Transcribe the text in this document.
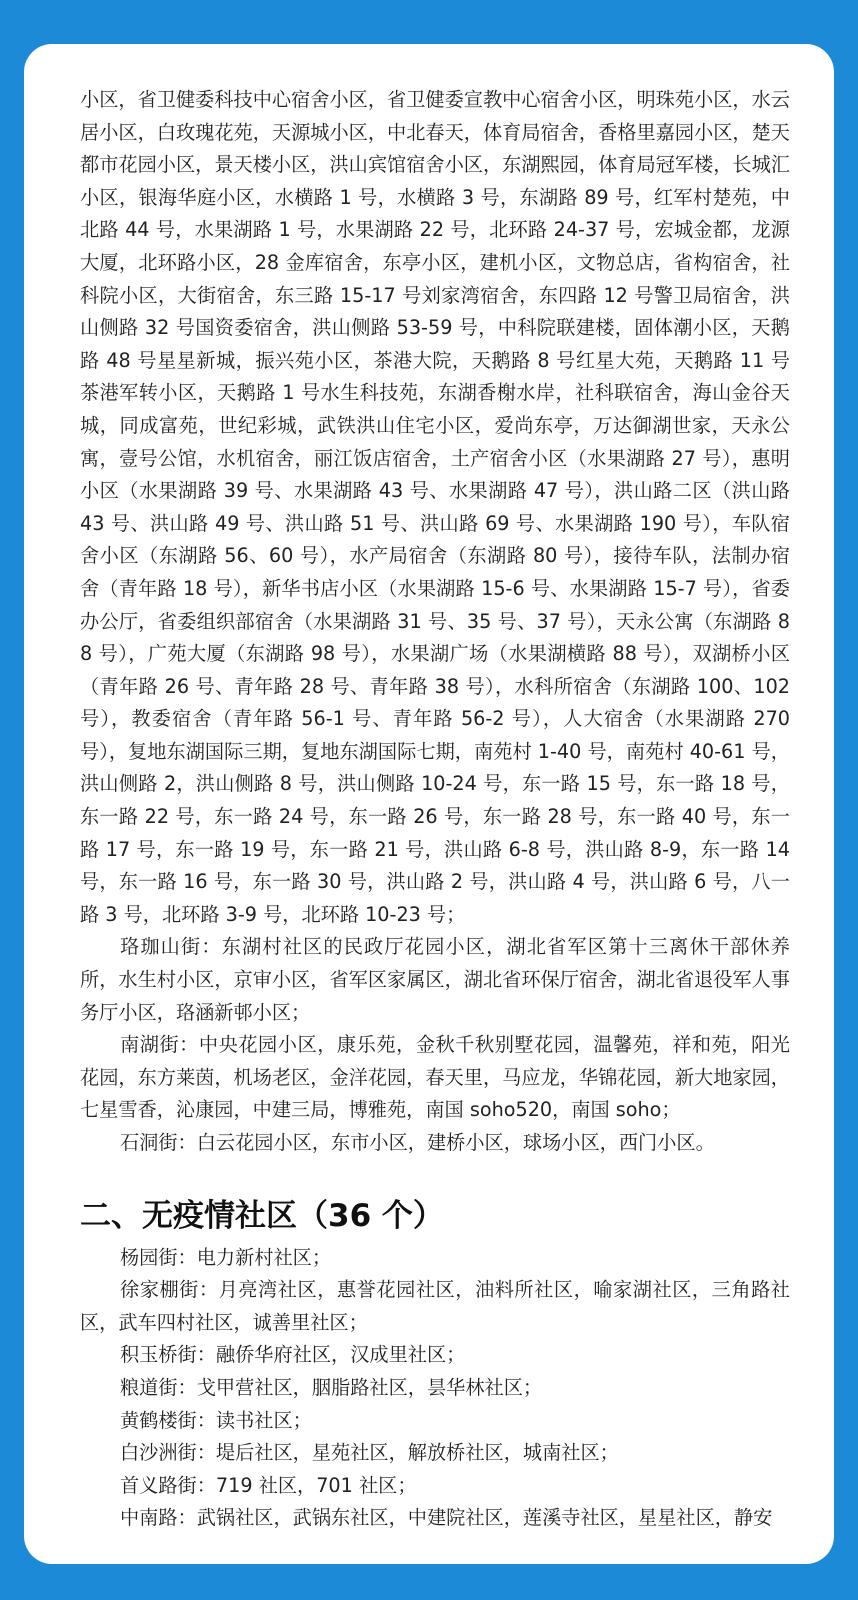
小区，省卫健委科技中心宿舍小区，省卫健委宣教中心宿舍小区，明珠苑小区，水云居小区，白玫瑰花苑，天源城小区，中北春天，体育局宿舍，香格里嘉园小区，楚天都市花园小区，景天楼小区，洪山宾馆宿舍小区，东湖熙园，体育局冠军楼，长城汇小区，银海华庭小区，水横路 1 号，水横路 3 号，东湖路 89 号，红军村楚苑，中北路 44 号，水果湖路 1 号，水果湖路 22 号，北环路 24-37 号，宏城金都，龙源大厦，北环路小区，28 金库宿舍，东亭小区，建机小区，文物总店，省构宿舍，社科院小区，大街宿舍，东三路 15-17 号刘家湾宿舍，东四路 12 号警卫局宿舍，洪山侧路 32 号国资委宿舍，洪山侧路 53-59 号，中科院联建楼，固体潮小区，天鹅路 48 号星星新城，振兴苑小区，茶港大院，天鹅路 8 号红星大苑，天鹅路 11 号茶港军转小区，天鹅路 1 号水生科技苑，东湖香榭水岸，社科联宿舍，海山金谷天城，同成富苑，世纪彩城，武铁洪山住宅小区，爱尚东亭，万达御湖世家，天永公寓，壹号公馆，水机宿舍，丽江饭店宿舍，土产宿舍小区（水果湖路 27 号），惠明小区（水果湖路 39 号、水果湖路 43 号、水果湖路 47 号），洪山路二区（洪山路 43 号、洪山路 49 号、洪山路 51 号、洪山路 69 号、水果湖路 190 号），车队宿舍小区（东湖路 56、60 号），水产局宿舍（东湖路 80 号），接待车队，法制办宿舍（青年路 18 号），新华书店小区（水果湖路 15-6 号、水果湖路 15-7 号），省委办公厅，省委组织部宿舍（水果湖路 31 号、35 号、37 号），天永公寓（东湖路 88 号），广苑大厦（东湖路 98 号），水果湖广场（水果湖横路 88 号），双湖桥小区（青年路 26 号、青年路 28 号、青年路 38 号），水科所宿舍（东湖路 100、102 号），教委宿舍（青年路 56-1 号、青年路 56-2 号），人大宿舍（水果湖路 270 号），复地东湖国际三期，复地东湖国际七期，南苑村 1-40 号，南苑村 40-61 号，洪山侧路 2，洪山侧路 8 号，洪山侧路 10-24 号，东一路 15 号，东一路 18 号，东一路 22 号，东一路 24 号，东一路 26 号，东一路 28 号，东一路 40 号，东一路 17 号，东一路 19 号，东一路 21 号，洪山路 6-8 号，洪山路 8-9，东一路 14 号，东一路 16 号，东一路 30 号，洪山路 2 号，洪山路 4 号，洪山路 6 号，八一路 3 号，北环路 3-9 号，北环路 10-23 号；

珞珈山街：东湖村社区的民政厅花园小区，湖北省军区第十三离休干部休养所，水生村小区，京审小区，省军区家属区，湖北省环保厅宿舍，湖北省退役军人事务厅小区，珞涵新邨小区；

南湖街：中央花园小区，康乐苑，金秋千秋别墅花园，温馨苑，祥和苑，阳光花园，东方莱茵，机场老区，金洋花园，春天里，马应龙，华锦花园，新大地家园，七星雪香，沁康园，中建三局，博雅苑，南国 soho520，南国 soho；

石洞街：白云花园小区，东市小区，建桥小区，球场小区，西门小区。

二、无疫情社区（36 个）

杨园街：电力新村社区；

徐家棚街：月亮湾社区，惠誉花园社区，油料所社区，喻家湖社区，三角路社区，武车四村社区，诚善里社区；

积玉桥街：融侨华府社区，汉成里社区；

粮道街：戈甲营社区，胭脂路社区，昙华林社区；

黄鹤楼街：读书社区；

白沙洲街：堤后社区，星苑社区，解放桥社区，城南社区；

首义路街：719 社区，701 社区；

中南路：武锅社区，武锅东社区，中建院社区，莲溪寺社区，星星社区，静安
